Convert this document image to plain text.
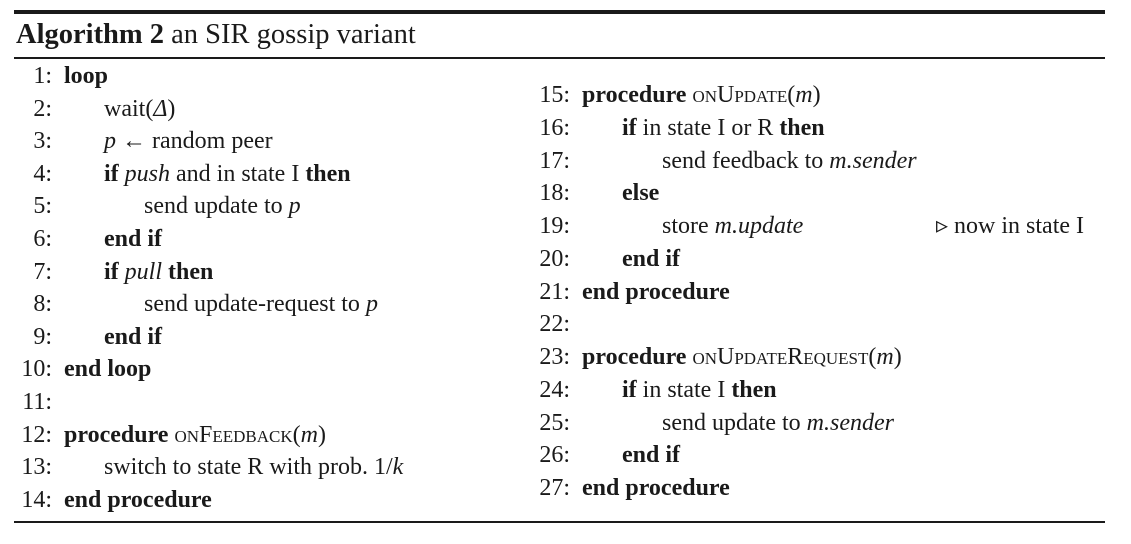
Algorithm 2 an SIR gossip variant
1: loop
2: wait(Δ)
3: p ← random peer
4: if push and in state I then
5:	send update to p
6: end if
7: if pull then
8:	send update-request to p
9: end if
10: end loop
11:
12: procedure onFeedback(m)
13: switch to state R with prob. 1/k
14: end procedure
15: procedure onUpdate(m)
16: if in state I or R then
17:	send feedback to m.sender
18: else
19:	store m.update	▹ now in state I
20: end if
21: end procedure
22:
23: procedure onUpdateRequest(m)
24: if in state I then
25:	send update to m.sender
26: end if
27: end procedure
